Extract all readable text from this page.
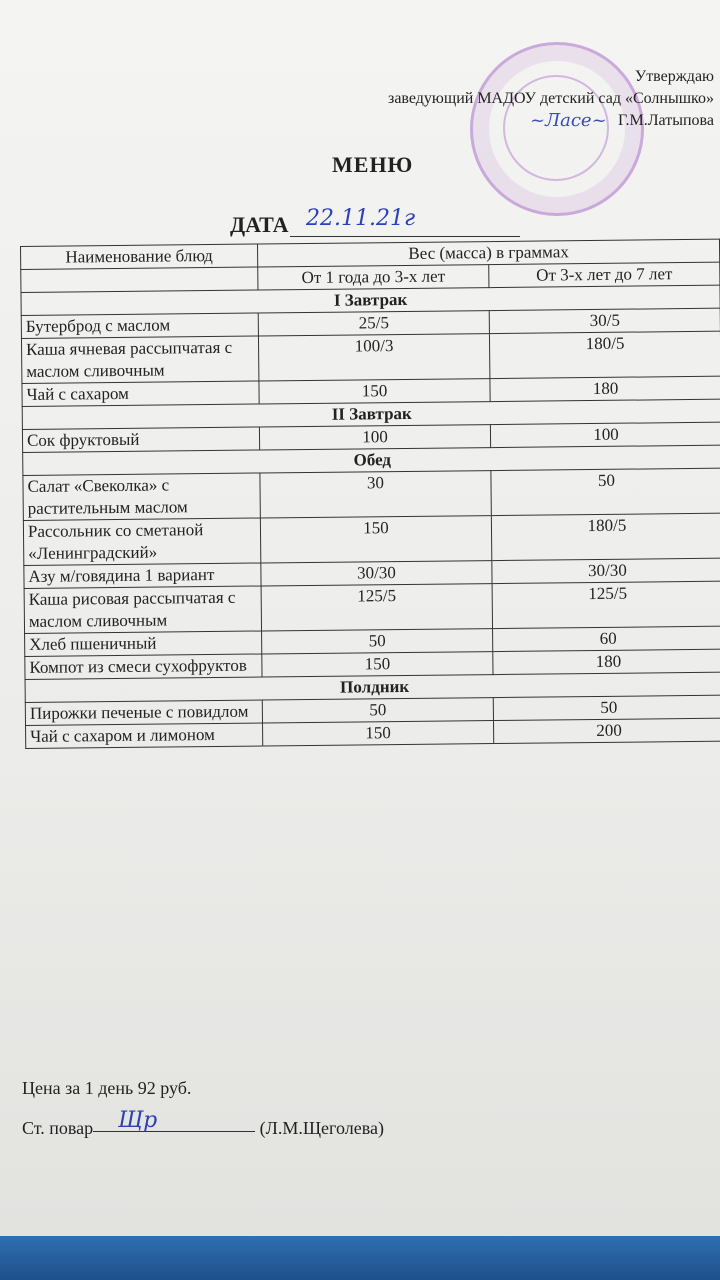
Утверждаю
заведующий МАДОУ детский сад «Солнышко»
Г.М.Латыпова
~Ласе~
МЕНЮ
ДАТА 22.11.21г
Наименование блюд	Вес (масса) в граммах	
	От 1 года до 3-х лет	От 3-х лет до 7 лет
I Завтрак		
Бутерброд с маслом	25/5	30/5
Каша ячневая рассыпчатая с маслом сливочным	100/3	180/5
Чай с сахаром	150	180
II Завтрак		
Сок фруктовый	100	100
Обед		
Салат «Свеколка» с растительным маслом	30	50
Рассольник со сметаной «Ленинградский»	150	180/5
Азу м/говядина 1 вариант	30/30	30/30
Каша рисовая рассыпчатая с маслом сливочным	125/5	125/5
Хлеб пшеничный	50	60
Компот из смеси сухофруктов	150	180
Полдник		
Пирожки печеные с повидлом	50	50
Чай с сахаром и лимоном	150	200
Цена за 1 день 92 руб.
Ст. повар	(Л.М.Щеголева)
Щр
